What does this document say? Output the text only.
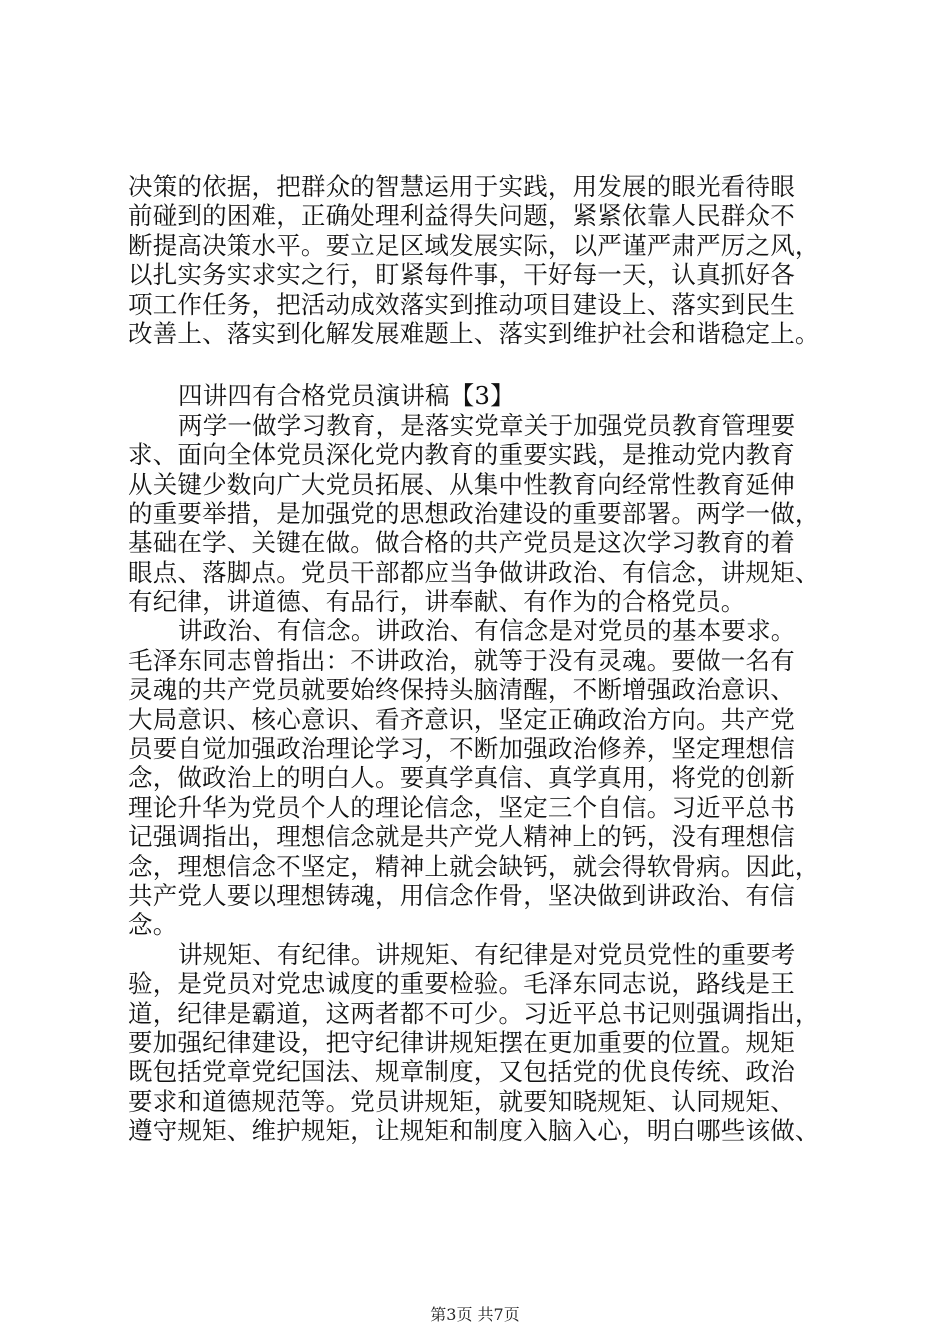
决策的依据，把群众的智慧运用于实践，用发展的眼光看待眼
前碰到的困难，正确处理利益得失问题，紧紧依靠人民群众不
断提高决策水平。要立足区域发展实际，以严谨严肃严厉之风，
以扎实务实求实之行，盯紧每件事，干好每一天，认真抓好各
项工作任务，把活动成效落实到推动项目建设上、落实到民生
改善上、落实到化解发展难题上、落实到维护社会和谐稳定上。
四讲四有合格党员演讲稿【3】
两学一做学习教育，是落实党章关于加强党员教育管理要
求、面向全体党员深化党内教育的重要实践，是推动党内教育
从关键少数向广大党员拓展、从集中性教育向经常性教育延伸
的重要举措，是加强党的思想政治建设的重要部署。两学一做，
基础在学、关键在做。做合格的共产党员是这次学习教育的着
眼点、落脚点。党员干部都应当争做讲政治、有信念，讲规矩、
有纪律，讲道德、有品行，讲奉献、有作为的合格党员。
讲政治、有信念。讲政治、有信念是对党员的基本要求。
毛泽东同志曾指出：不讲政治，就等于没有灵魂。要做一名有
灵魂的共产党员就要始终保持头脑清醒，不断增强政治意识、
大局意识、核心意识、看齐意识，坚定正确政治方向。共产党
员要自觉加强政治理论学习，不断加强政治修养，坚定理想信
念，做政治上的明白人。要真学真信、真学真用，将党的创新
理论升华为党员个人的理论信念，坚定三个自信。习近平总书
记强调指出，理想信念就是共产党人精神上的钙，没有理想信
念，理想信念不坚定，精神上就会缺钙，就会得软骨病。因此，
共产党人要以理想铸魂，用信念作骨，坚决做到讲政治、有信
念。
讲规矩、有纪律。讲规矩、有纪律是对党员党性的重要考
验，是党员对党忠诚度的重要检验。毛泽东同志说，路线是王
道，纪律是霸道，这两者都不可少。习近平总书记则强调指出，
要加强纪律建设，把守纪律讲规矩摆在更加重要的位置。规矩
既包括党章党纪国法、规章制度，又包括党的优良传统、政治
要求和道德规范等。党员讲规矩，就要知晓规矩、认同规矩、
遵守规矩、维护规矩，让规矩和制度入脑入心，明白哪些该做、
第3页 共7页
